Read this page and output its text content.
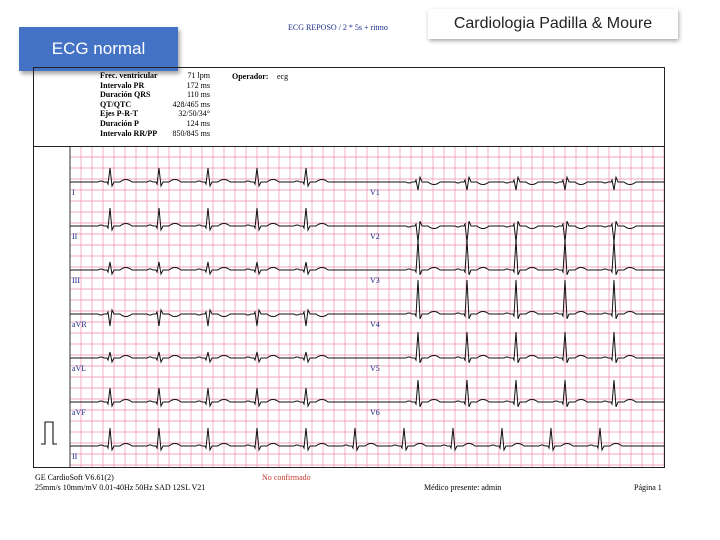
ECG normal
Cardiologia Padilla & Moure
ECG REPOSO / 2 * 5s + ritmo
Frec. ventricular
Intervalo PR
Duración QRS
QT/QTC
Ejes P-R-T
Duración P
Intervalo RR/PP
71 lpm
172 ms
110 ms
428/465 ms
32/50/34°
124 ms
850/845 ms
Operador: ecg
I
II
III
aVR
aVL
aVF
V1
V2
V3
V4
V5
V6
II
GE CardioSoft V6.61(2)
25mm/s 10mm/mV 0.01-40Hz 50Hz SAD 12SL V21
No confirmado
Médico presente: admin	Página 1
